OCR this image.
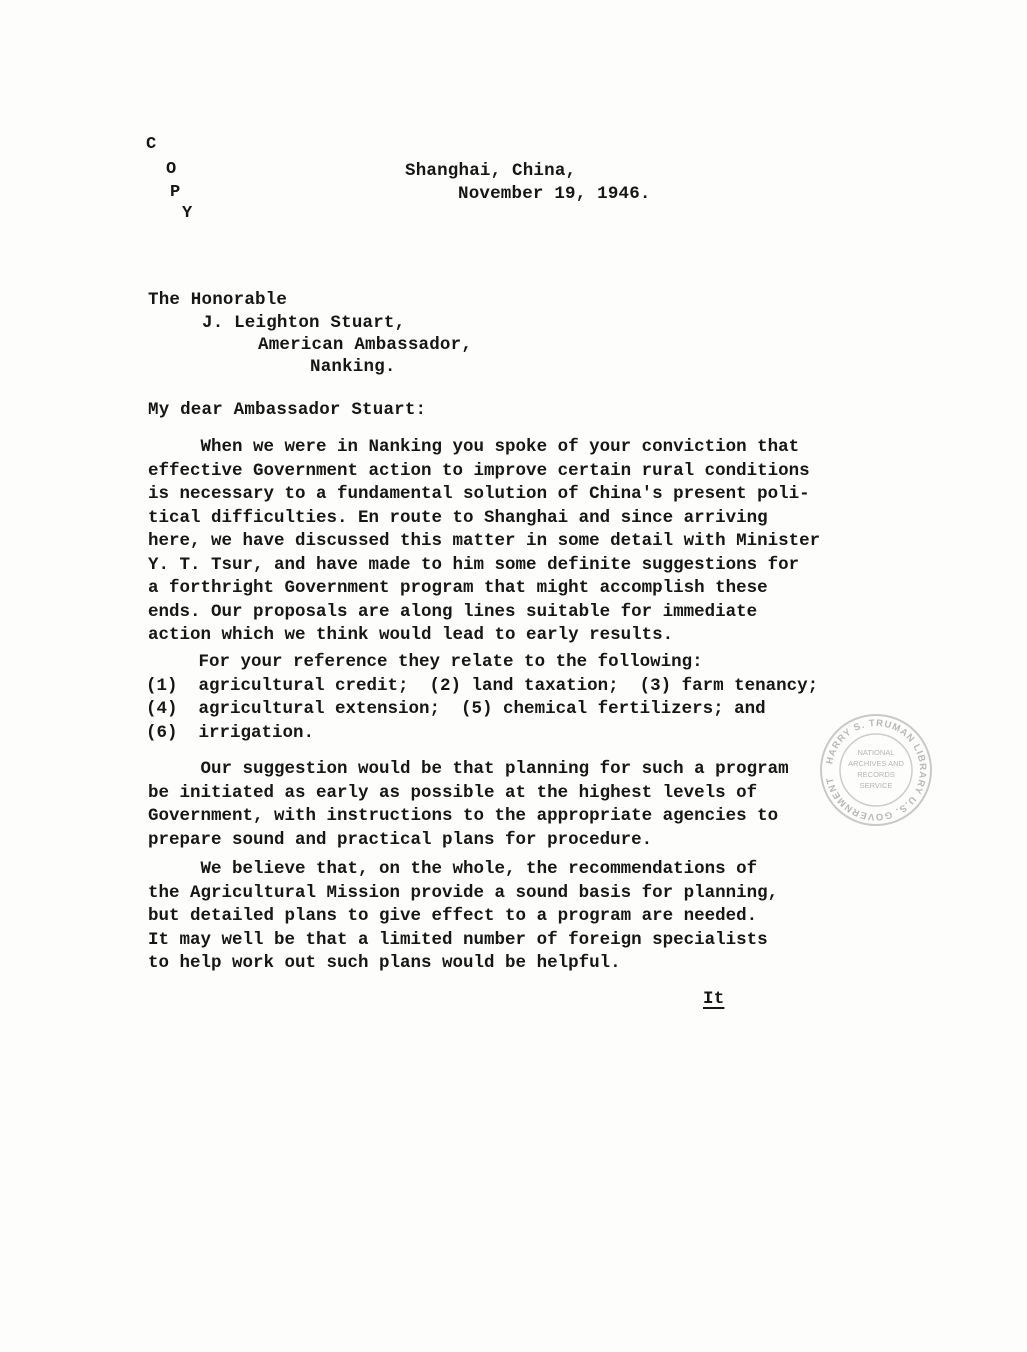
C
O
P
Y
Shanghai, China,
November 19, 1946.
The Honorable
J. Leighton Stuart,
American Ambassador,
Nanking.
My dear Ambassador Stuart:
When we were in Nanking you spoke of your conviction that
effective Government action to improve certain rural conditions
is necessary to a fundamental solution of China's present poli-
tical difficulties. En route to Shanghai and since arriving
here, we have discussed this matter in some detail with Minister
Y. T. Tsur, and have made to him some definite suggestions for
a forthright Government program that might accomplish these
ends. Our proposals are along lines suitable for immediate
action which we think would lead to early results.
For your reference they relate to the following:
(1)  agricultural credit;  (2) land taxation;  (3) farm tenancy;
(4)  agricultural extension;  (5) chemical fertilizers; and
(6)  irrigation.
Our suggestion would be that planning for such a program
be initiated as early as possible at the highest levels of
Government, with instructions to the appropriate agencies to
prepare sound and practical plans for procedure.
We believe that, on the whole, the recommendations of
the Agricultural Mission provide a sound basis for planning,
but detailed plans to give effect to a program are needed.
It may well be that a limited number of foreign specialists
to help work out such plans would be helpful.
It
HARRY S. TRUMAN LIBRARY U.S. GOVERNMENT
NATIONAL
ARCHIVES AND
RECORDS
SERVICE
